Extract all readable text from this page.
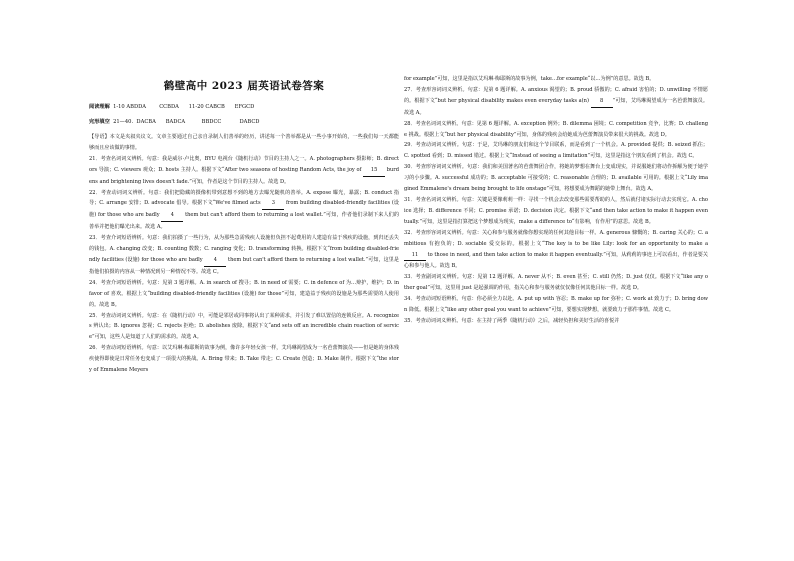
鹤壁高中 2023 届英语试卷答案
阅读理解 1-10 ABDDA        CCBDA      11-20 CABCB      EFGCD
完形填空 21—40.  DACBA      BADCA          BBDCC           DABCD

【导语】本文是夹叙夹议文。文章主要通过自己亲自录制人们善举的经历，讲述每一个善举都是从一些小事开始的，一些我们每一天都能够而且应该做的事情。

21．考查名词词义辨析。句意：我是威尔·卢比奥，BYU 电视台《随机行动》节目的主持人之一。A. photographers 摄影师；B. directors 导演；C. viewers 观众；D. hosts 主持人。根据下文“After two seasons of hosting Random Acts, the joy of 15 burdens and brightening lives doesn't fade.”可知，作者是这个节目的主持人。故选 D。

22．考查动词词义辨析。句意：我们把隐藏的摄像机带到意想不到的地方去曝光随机的善举。A. expose 曝光，暴露；B. conduct 指导；C. arrange 安排；D. advocate 倡导。根据下文“We've filmed acts 3 from building disabled-friendly facilities (设施) for those who are badly 4 them but can't afford them to returning a lost wallet.”可知，作者他们录制下来人们的善举并把他们曝光出来。故选 A。

23．考查介词短语辨析。句意：我们拍摄了一些行为，从为那些急需残疾人设施但负担不起费用的人建造有益于残疾的设施，到归还丢失的钱包。A. changing 改变；B. counting 数数；C. ranging 变化；D. transforming 转换。根据下文“from building disabled-friendly facilities (设施) for those who are badly 4 them but can't afford them to returning a lost wallet.”可知，这里是指他们拍摄的内容从一种情况到另一种情况不等。故选 C。

24．考查介词短语辨析。句意：见第 3 题详解。A. in search of 搜寻；B. in need of 需要；C. in defence of 为…辩护，维护；D. in favor of 喜欢。根据上文“building disabled-friendly facilities (设施) for those”可知，建造益于残疾的设施是为那些需要的人使用的。故选 B。

25．考查动词词义辨析。句意：在《随机行动》中，可能是邻居或同事将认出了某种需求，并引发了难以置信的连锁反应。A. recognizes 辨认出；B. ignores 忽视；C. rejects 拒绝；D. abolishes 废除。根据下文“and sets off an incredible chain reaction of service”可知，这些人是知道了人们的需求的。故选 A。

26．考查动词短语辨析。句意：以艾玛琳·梅耶斯的故事为例，像许多年轻女孩一样，艾玛琳渴望成为一名芭蕾舞演员——但是她的身体残疾使得即使是日常任务也变成了一项很大的挑战。A. Bring 带来；B. Take 带走；C. Create 创造；D. Make 制作。根据下文“the story of Emmalene Meyers

for example”可知，这里是指以艾玛琳·梅耶斯的故事为例，take…for example“以…为例”的意思。故选 B。

27．考查形容词词义辨析。句意：见第 6 题详解。A. anxious 渴望的；B. proud 骄傲的；C. afraid 害怕的；D. unwilling 不情愿的。根据下文“but her physical disability makes even everyday tasks a(n) 8 ”可知，艾玛琳渴望成为一名芭蕾舞演员。故选 A。

28．考查名词词义辨析。句意：见第 6 题详解。A. exception 例外；B. dilemma 困境；C. competition 竞争，比赛；D. challenge 挑战。根据上文“but her physical disability”可知，身体的残疾会给她成为芭蕾舞演员带来很大的挑战。故选 D。

29．考查动词词义辨析。句意：于是，艾玛琳的朋友们和这个节目联系，而是看到了一个机会。A. provided 提供；B. seized 抓住；C. spotted 看到；D. missed 错过。根据上文“Instead of seeing a limitation”可知，这里是指这个朋友看到了机会。故选 C。

30．考查形容词词义辨析。句意：我们和美国著名的芭蕾舞团合作，将她的梦想在舞台上变成现实，并说服她们将动作拆解为便于她学习的小步骤。A. successful 成功的；B. acceptable 可接受的；C. reasonable 合理的；D. available 可用的。根据上文“Lily imagined Emmalene's dream being brought to life onstage”可知，将想要成为舞蹈的她带上舞台。故选 A。

31．考查名词词义辨析。句意：关键是要像莉莉一样：寻找一个机会去改变那些需要帮助的人，然后就付诸实际行动去实现它。A. choice 选择；B. difference 不同；C. promise 承诺；D. decision 决定。根据下文“and then take action to make it happen eventually.”可知，这里是指打算把这个梦想成为现实，make a difference to“有影响，有作用”的意思。故选 B。

32．考查形容词词义辨析。句意：关心和参与服务就像你想实现的任何其他目标一样。A. generous 慷慨的；B. caring 关心的；C. ambitious 有抱负的；D. sociable 爱交际的。根据上文“The key is to be like Lily: look for an opportunity to make a 11 to those in need, and then take action to make it happen eventually.”可知，从莉莉的事迹上可以看出，作者是要关心和参与他人。故选 B。

33．考查副词词义辨析。句意：见第 12 题详解。A. never 从不；B. even 甚至；C. still 仍然；D. just 仅仅。根据下文“like any other goal”可知，这里用 just 是起强调的作用，指关心和参与服务就仅仅像任何其他目标一样。故选 D。

34．考查动词短语辨析。句意：你必须全力以赴。A. put up with 容忍；B. make up for 弥补；C. work at 致力于；D. bring down 降低。根据上文“like any other goal you want to achieve”可知，要想实现梦想，就要致力于那件事情。故选 C。

35．考查动词词义辨析。句意：在主持了两季《随机行动》之后，减轻负担和美好生活的喜悦并
